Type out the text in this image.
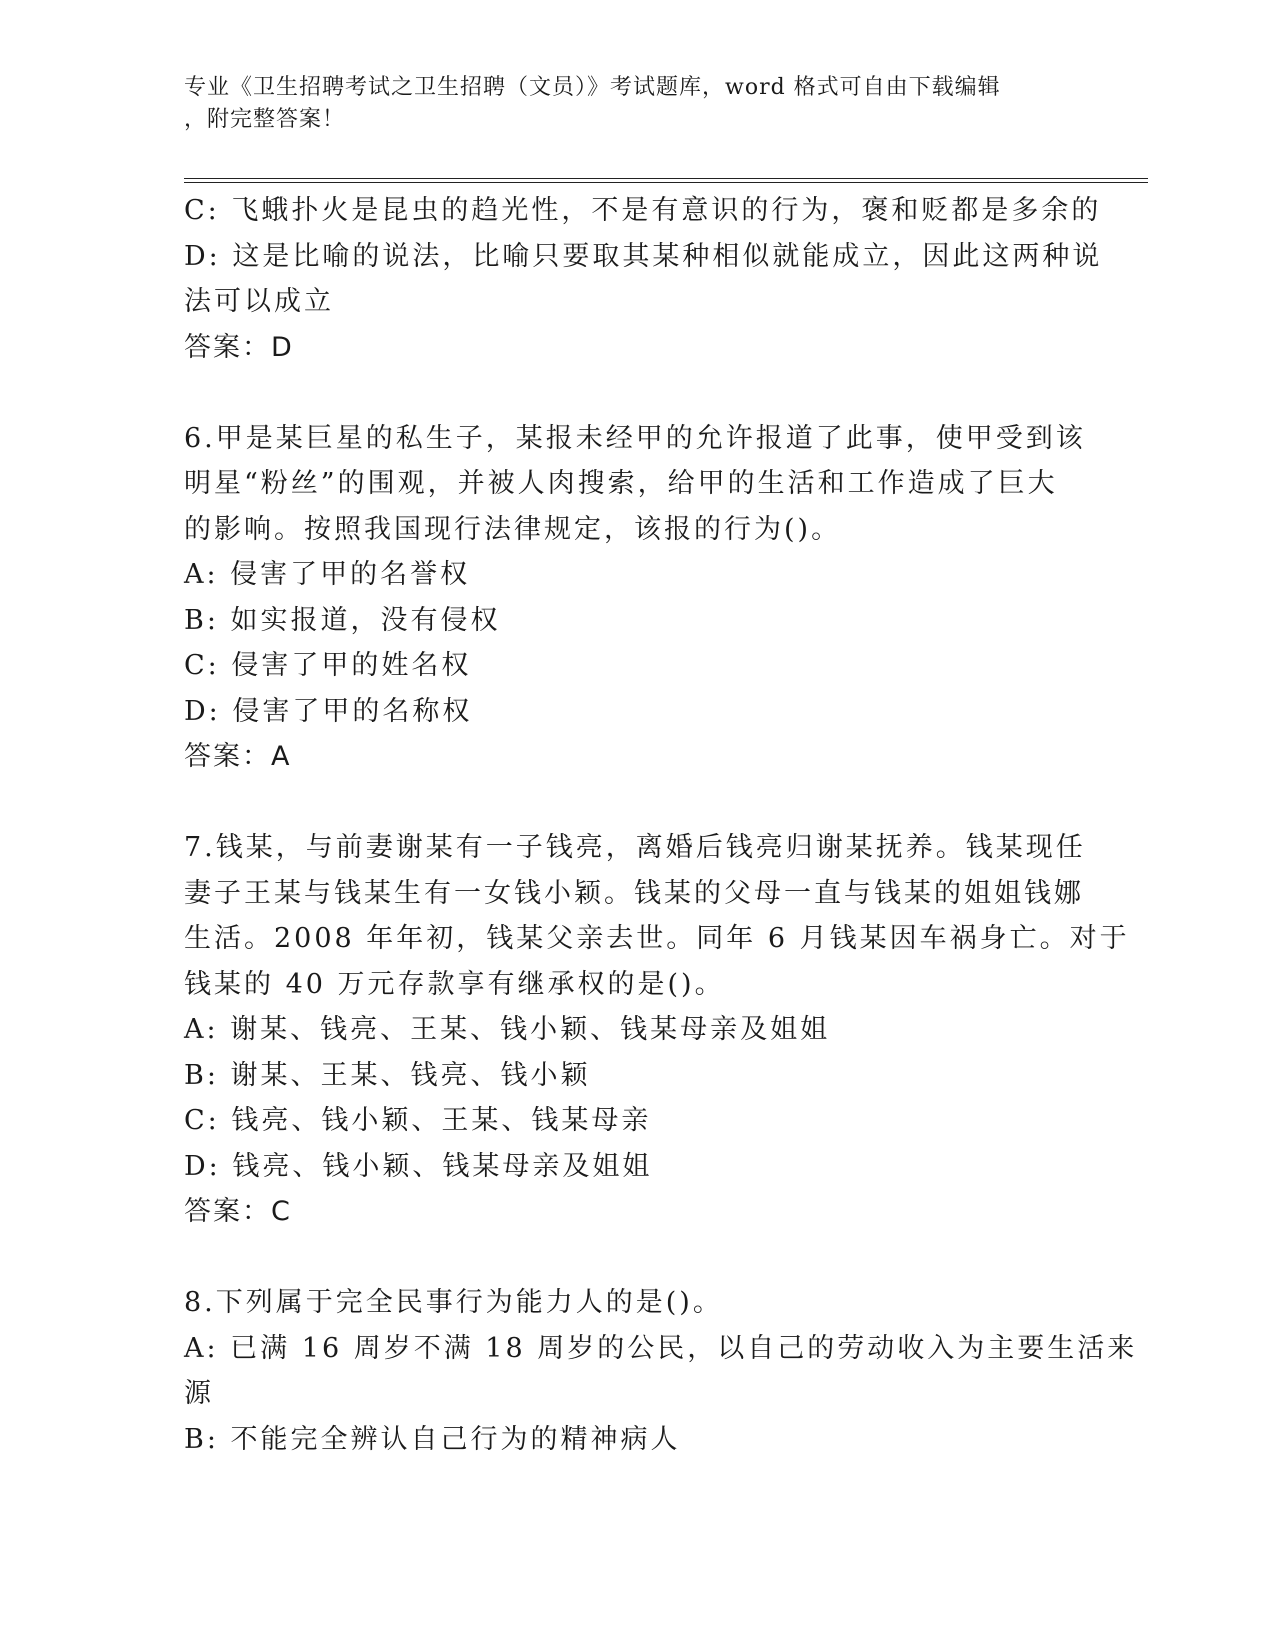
专业《卫生招聘考试之卫生招聘（文员）》考试题库，word 格式可自由下载编辑
，附完整答案！
C: 飞蛾扑火是昆虫的趋光性，不是有意识的行为，褒和贬都是多余的
D: 这是比喻的说法，比喻只要取其某种相似就能成立，因此这两种说
法可以成立
答案：D
6.甲是某巨星的私生子，某报未经甲的允许报道了此事，使甲受到该
明星“粉丝”的围观，并被人肉搜索，给甲的生活和工作造成了巨大
的影响。按照我国现行法律规定，该报的行为()。
A: 侵害了甲的名誉权
B: 如实报道，没有侵权
C: 侵害了甲的姓名权
D: 侵害了甲的名称权
答案：A
7.钱某，与前妻谢某有一子钱亮，离婚后钱亮归谢某抚养。钱某现任
妻子王某与钱某生有一女钱小颖。钱某的父母一直与钱某的姐姐钱娜
生活。2008 年年初，钱某父亲去世。同年 6 月钱某因车祸身亡。对于
钱某的 40 万元存款享有继承权的是()。
A: 谢某、钱亮、王某、钱小颖、钱某母亲及姐姐
B: 谢某、王某、钱亮、钱小颖
C: 钱亮、钱小颖、王某、钱某母亲
D: 钱亮、钱小颖、钱某母亲及姐姐
答案：C
8.下列属于完全民事行为能力人的是()。
A: 已满 16 周岁不满 18 周岁的公民，以自己的劳动收入为主要生活来
源
B: 不能完全辨认自己行为的精神病人
